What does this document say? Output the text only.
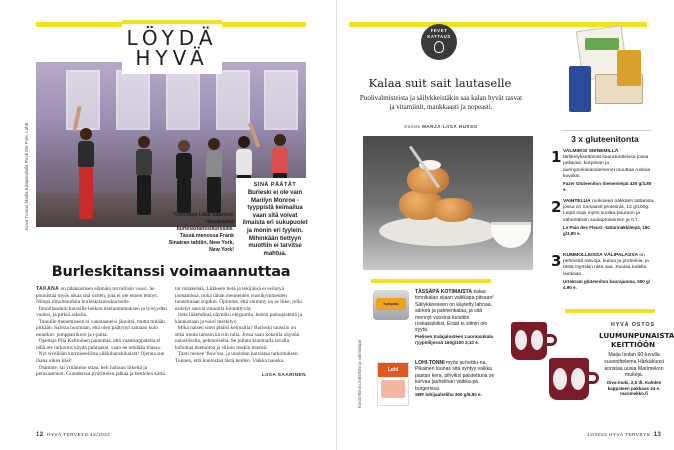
LÖYDÄ
HYVÄ
Kuva Tuomo Matila Kirsipaudalla Rock the Pole, Lahti	Toimittaja Liisa Saarinen ilmoittautui burleskitanssikurssille. Tässä menossa Frank Sinatran tahtiin, New York, New York!
SINÄ PÄÄTÄT
Burleski ei ole vain Marilyn Monroe -tyyppistä keimailua vaan sitä voivat ilmaista eri sukupuolet ja monin eri tyylein. Mihinkään tiettyyn muottiin ei tarvitse mahtua.
Burleskitanssi voimaannuttaa

TAKANA on tähänastisen elämäni turvallisin vuosi. Se ponnistaa myös aikaa sitä varten, jota ei ole ennen tehnyt. Niinpä ilmoittauduin burleskitanssikurssille.

Ilmoittauduin kurssille heikon itseluottamuksen ja tylsyyden vuoksi, ja pitkiä askelia.

Tunnille menemiseen ei vanniaaneisi jännittä, mutta mitään pitkään. Salissa huomaan, että olen päätynyt samaan kuin muutkin: jumppatrikoot ja t-paita.

Opettaja Pila Kallioinen painottaa, että vaatekappaleita ei tällä ole tarkoitus käydä puhtaaksi, vaan ne tehdään tilassa.

Nyt sivellään kurrniseellista silkkihanskikaista! Ojenna sun ihana oikea käsi!

Otamme, tai yritämme ottaa, heti haltuun liikeitä ja perusasennot. Granderssa pyörittelen jalkaa ja heittelen kättä.

tai rintakehää. Liikkeen tietä ja tekijänsä ei esiintyä jauhamissa, mikä tähän menneiden vuosikymmenten tunnelmaan sopikin. Opimme, että shimmy on se liike, jolla esitetyt sauvat rinnoilla kiinnittyvät.

Jotta liikehdintä näyttäisi eleganttia, kehon painopistettä ja kannustaan ja suori merkitys.

Mikä naisen siten pitäisi keimailla? Burleski tanssiin on sekä muita tanssin kuviin tulla. Jossa saan kokeilla näyttää naiselliselta, pehmoiselta. Se jollain kummalla tavalla kohottaa itsetuntoa ja silloin itsekin itsensä.

Tunti menee 'flow'ssa, ja unohdan harrastaa tarkoituksen. Tunnen, että kuulostan tästä heiden. Vaikka hauska.

LIISA SAARINEN
12 HYVÄ TERVEYS 12/2022
FEVET
KATTAUS
Kalaa suit sait lautaselle
Puolivalmisteista ja säilykkeistäkin saa kalan hyvät rasvat ja vitamiinit, maukkaasti ja nopeasti.
Kooste MARJA-LIISA HUSSO
Kuvat Niina Lindström ja valmistajat
Kalapata
TÄSSÄPÄ KOTIMAISTA kalaa tonnikalan sijaan vaikkapa pitsaan! Säilykkeeseen on käytetty lahnaa, särkeä ja paimenkalaa, ja sitä mennyt vuosina kuluttiin roskakaloiksi. Eräät ei silmin ole syytä.
Pielisen Kalajalosteen Luonnonkala ryypöliljossä 160g/100 3,10 e.
Lohi
LOHI-TONNI myös ja-hetttu-na. Pikainen lounas sitä syntyy vaikka pastan kera, pihviksi paistettuna se korvaa jauhelihan vaikka-pa burgerissa.
SBF lohijauheliha 300 g/5,50 e.
3 x gluteenitonta
1 VALMIIKSI SIENEMILLÄ tärkkelyksettömät kauratuotteissa jossa pellavan, kurpitsan ja auringonkukansiemenet muuttaa ruokaa kuvaksi.
Fazer Gluteeniton Siemenleipä 430 g/3,80 e.
2 VAIHTELUA ruokiseen näkkärin tattarista, jossa on runsaasti proteiinia, 13 g/100g. Leipä sopii myös suolaa-puuroon ja vähentäisiin suolaproteiinien ja 0,7.
Le Pain des Fleurs -tattarinäkkileipä, 150 g/3,80 e.
3 KUMMOLLEISSA VÄLIPALASSA on pehmeitä rasvoja, kuitua ja proteiinia, ja tästä myöskin niitä saa. Suolaa todella lainkaan.
Urtekram gluteeniton kaurajuoma, 550 g/ 4,90 e.
HYVÄ OSTOS
LUUMUNPUNAISTA KEITTIÖÖN
Maija Isolan 60-luvulla suunnittelema Härkäkuosi koristaa uusia Marimekon mukeja.
Oiva-muki, 2,5 dl. Kahden kappaleen pakkaus 44 e. marimekko.fi
12/2022 HYVÄ TERVEYS 13
